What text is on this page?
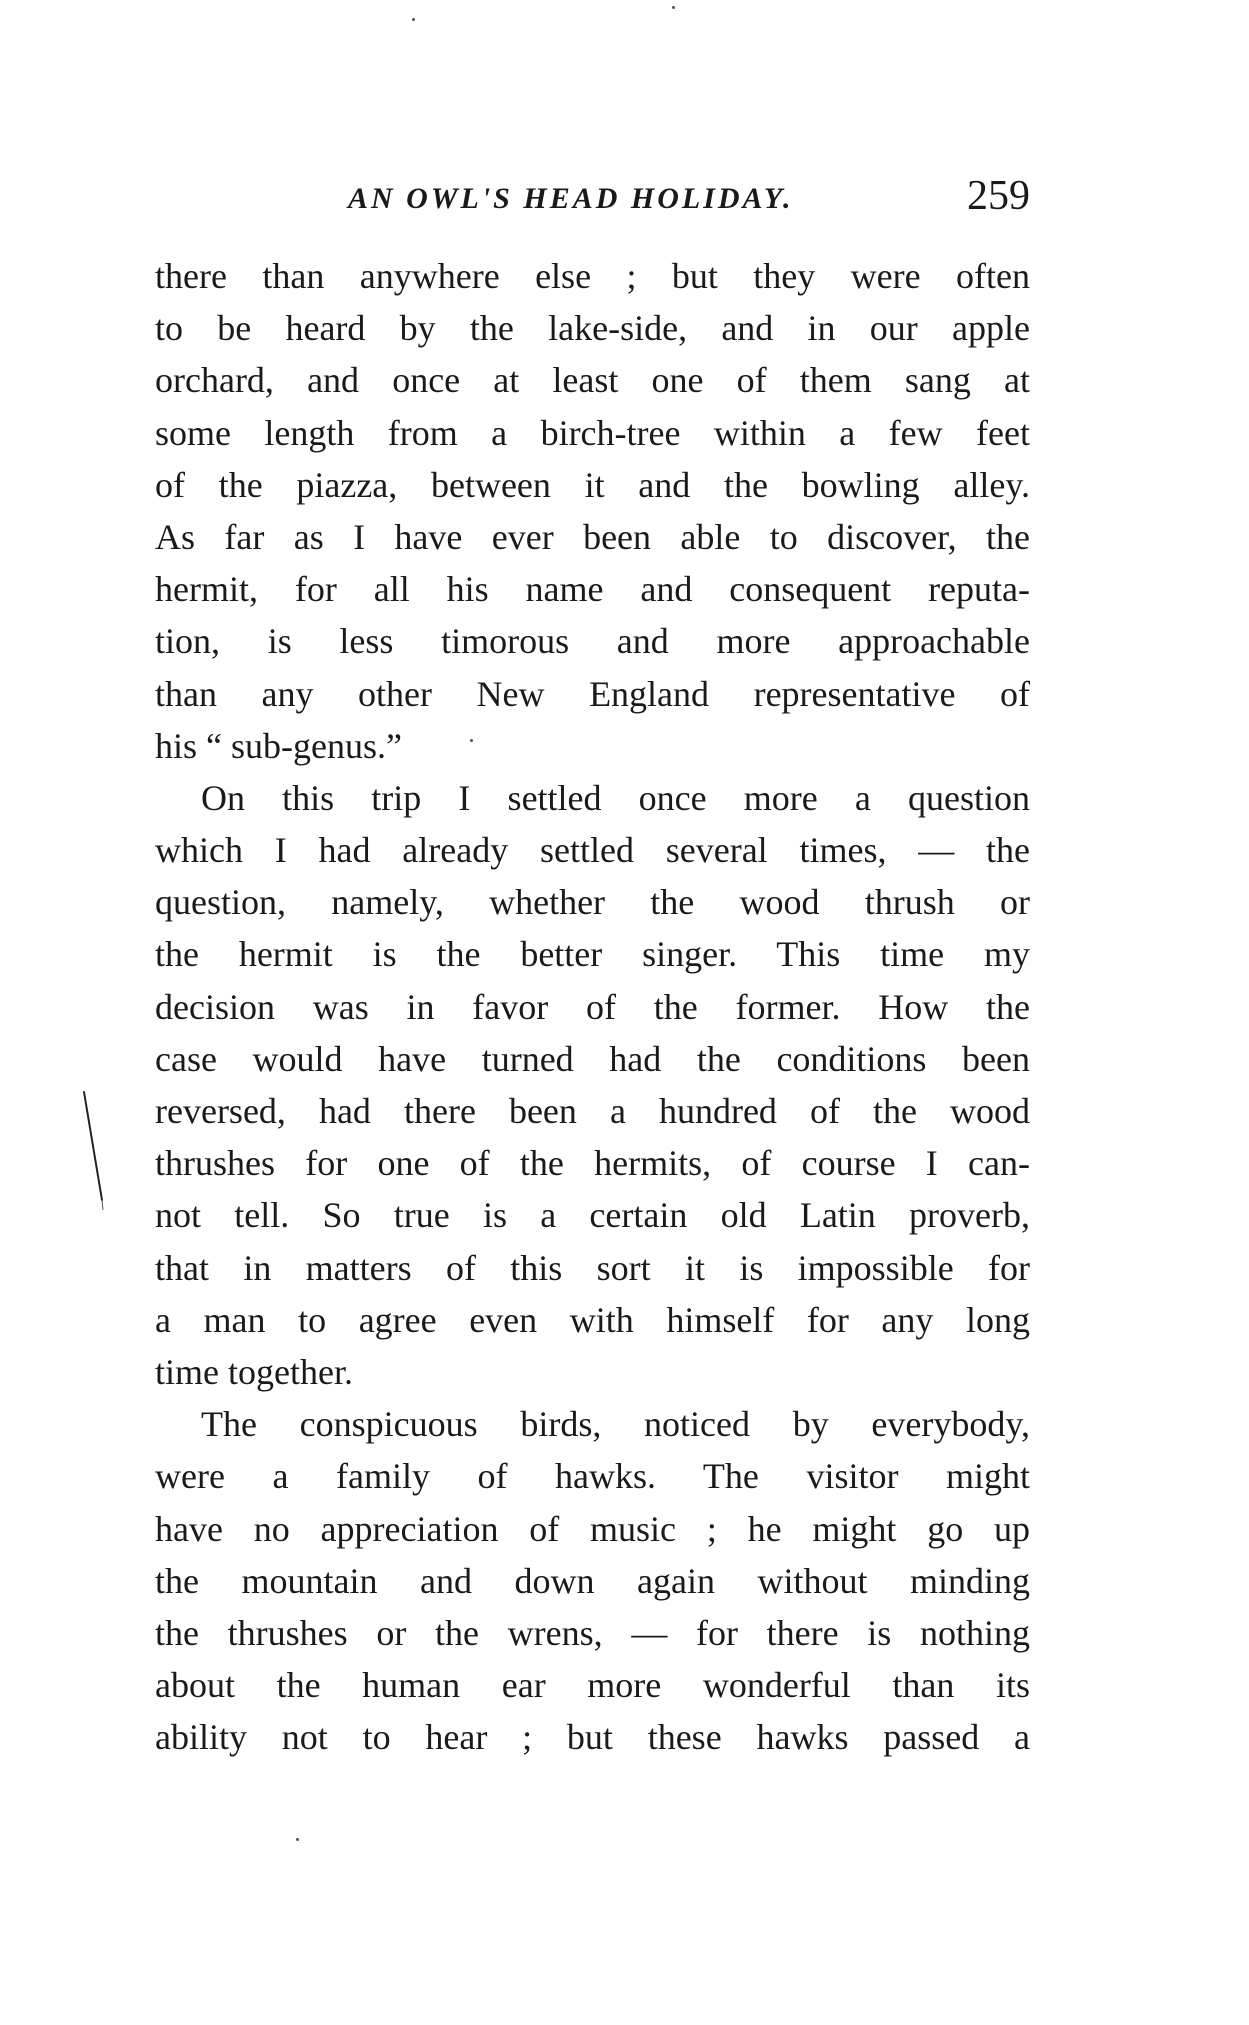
AN OWL'S HEAD HOLIDAY.	259
there than anywhere else ; but they were often
to be heard by the lake-side, and in our apple
orchard, and once at least one of them sang at
some length from a birch-tree within a few feet
of the piazza, between it and the bowling alley.
As far as I have ever been able to discover, the
hermit, for all his name and consequent reputa-
tion, is less timorous and more approachable
than any other New England representative of
his “ sub-genus.”
On this trip I settled once more a question
which I had already settled several times, — the
question, namely, whether the wood thrush or
the hermit is the better singer. This time my
decision was in favor of the former. How the
case would have turned had the conditions been
reversed, had there been a hundred of the wood
thrushes for one of the hermits, of course I can-
not tell. So true is a certain old Latin proverb,
that in matters of this sort it is impossible for
a man to agree even with himself for any long
time together.
The conspicuous birds, noticed by everybody,
were a family of hawks. The visitor might
have no appreciation of music ; he might go up
the mountain and down again without minding
the thrushes or the wrens, — for there is nothing
about the human ear more wonderful than its
ability not to hear ; but these hawks passed a
